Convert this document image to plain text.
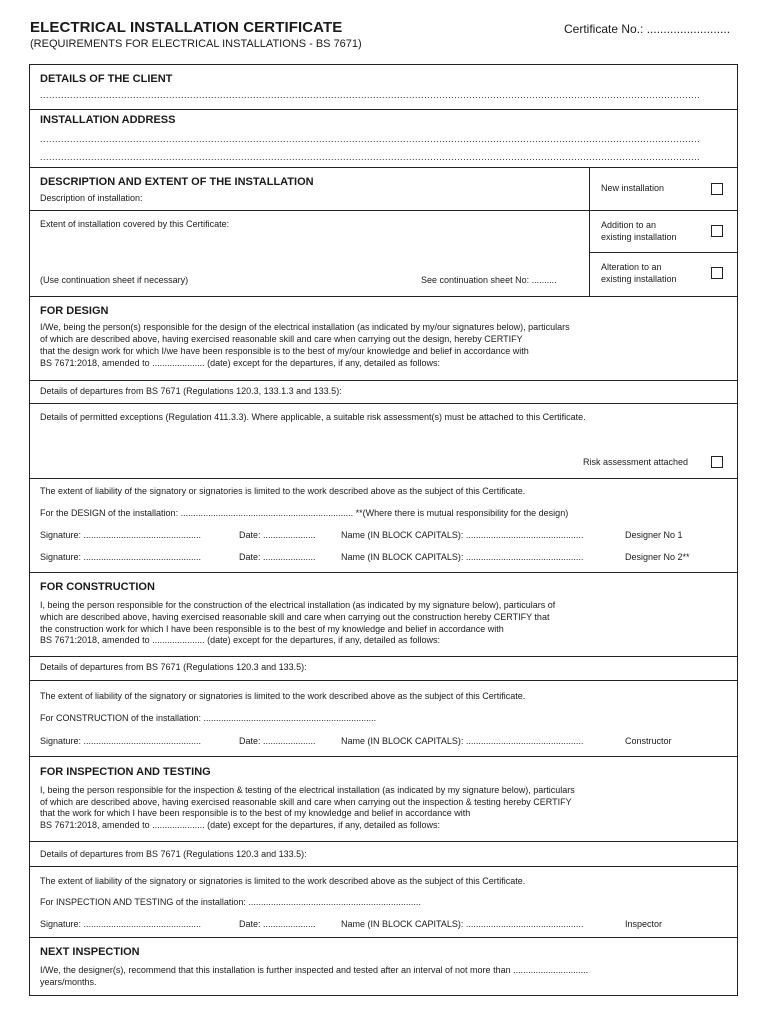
ELECTRICAL INSTALLATION CERTIFICATE
(REQUIREMENTS FOR ELECTRICAL INSTALLATIONS - BS 7671)
Certificate No.: .........................
DETAILS OF THE CLIENT
............................................................................................................................................................................................................................
INSTALLATION ADDRESS
............................................................................................................................................................................................................................
............................................................................................................................................................................................................................
DESCRIPTION AND EXTENT OF THE INSTALLATION
Description of installation:
Extent of installation covered by this Certificate:
(Use continuation sheet if necessary)	See continuation sheet No: ..........
New installation
Addition to an
existing installation
Alteration to an
existing installation
FOR DESIGN
I/We, being the person(s) responsible for the design of the electrical installation (as indicated by my/our signatures below), particulars
of which are described above, having exercised reasonable skill and care when carrying out the design, hereby CERTIFY
that the design work for which I/we have been responsible is to the best of my/our knowledge and belief in accordance with
BS 7671:2018, amended to ..................... (date) except for the departures, if any, detailed as follows:
Details of departures from BS 7671 (Regulations 120.3, 133.1.3 and 133.5):
Details of permitted exceptions (Regulation 411.3.3). Where applicable, a suitable risk assessment(s) must be attached to this Certificate.
Risk assessment attached
The extent of liability of the signatory or signatories is limited to the work described above as the subject of this Certificate.
For the DESIGN of the installation: ..................................................................... **(Where there is mutual responsibility for the design)
Signature: ...............................................	Date: .....................	Name (IN BLOCK CAPITALS): ...............................................	Designer No 1
Signature: ...............................................	Date: .....................	Name (IN BLOCK CAPITALS): ...............................................	Designer No 2**
FOR CONSTRUCTION
I, being the person responsible for the construction of the electrical installation (as indicated by my signature below), particulars of
which are described above, having exercised reasonable skill and care when carrying out the construction hereby CERTIFY that
the construction work for which I have been responsible is to the best of my knowledge and belief in accordance with
BS 7671:2018, amended to ..................... (date) except for the departures, if any, detailed as follows:
Details of departures from BS 7671 (Regulations 120.3 and 133.5):
The extent of liability of the signatory or signatories is limited to the work described above as the subject of this Certificate.
For CONSTRUCTION of the installation: .....................................................................
Signature: ...............................................	Date: .....................	Name (IN BLOCK CAPITALS): ...............................................	Constructor
FOR INSPECTION AND TESTING
I, being the person responsible for the inspection & testing of the electrical installation (as indicated by my signature below), particulars
of which are described above, having exercised reasonable skill and care when carrying out the inspection & testing hereby CERTIFY
that the work for which I have been responsible is to the best of my knowledge and belief in accordance with
BS 7671:2018, amended to ..................... (date) except for the departures, if any, detailed as follows:
Details of departures from BS 7671 (Regulations 120.3 and 133.5):
The extent of liability of the signatory or signatories is limited to the work described above as the subject of this Certificate.
For INSPECTION AND TESTING of the installation: .....................................................................
Signature: ...............................................	Date: .....................	Name (IN BLOCK CAPITALS): ...............................................	Inspector
NEXT INSPECTION
I/We, the designer(s), recommend that this installation is further inspected and tested after an interval of not more than ..............................
years/months.
